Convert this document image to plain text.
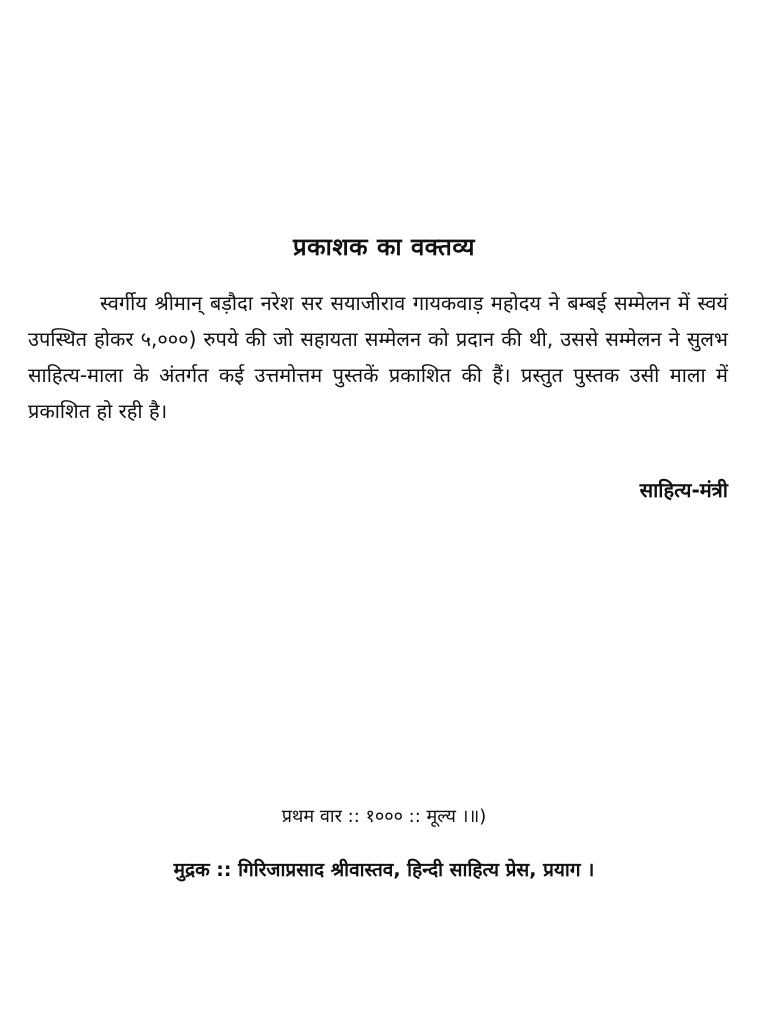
प्रकाशक का वक्तव्य

स्वर्गीय श्रीमान् बड़ौदा नरेश सर सयाजीराव गायकवाड़ महोदय ने बम्बई सम्मेलन में स्वयं उपस्थित होकर ५,०००) रुपये की जो सहायता सम्मेलन को प्रदान की थी, उससे सम्मेलन ने सुलभ साहित्य-माला के अंतर्गत कई उत्तमोत्तम पुस्तकें प्रकाशित की हैं। प्रस्तुत पुस्तक उसी माला में प्रकाशित हो रही है।

साहित्य-मंत्री
प्रथम वार :: १००० :: मूल्य ।॥)
मुद्रक :: गिरिजाप्रसाद श्रीवास्तव, हिन्दी साहित्य प्रेस, प्रयाग ।
